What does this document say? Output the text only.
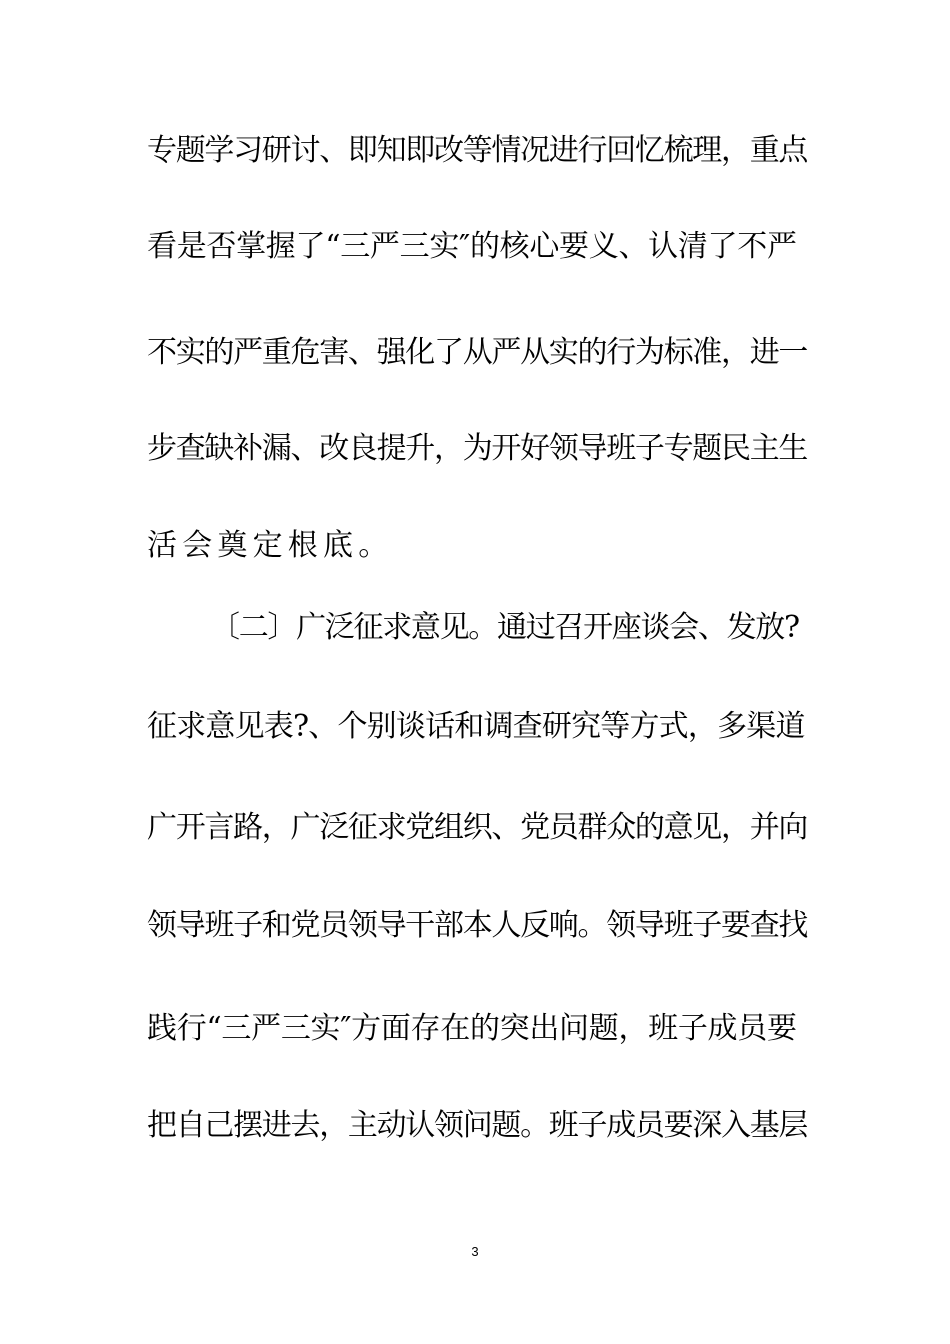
专题学习研讨、即知即改等情况进行回忆梳理，重点
看是否掌握了“三严三实″的核心要义、认清了不严
不实的严重危害、强化了从严从实的行为标准，进一
步查缺补漏、改良提升，为开好领导班子专题民主生
活会奠定根底。
〔二〕广泛征求意见。通过召开座谈会、发放?
征求意见表?、个别谈话和调查研究等方式，多渠道
广开言路，广泛征求党组织、党员群众的意见，并向
领导班子和党员领导干部本人反响。领导班子要查找
践行“三严三实″方面存在的突出问题，班子成员要
把自己摆进去，主动认领问题。班子成员要深入基层
3
